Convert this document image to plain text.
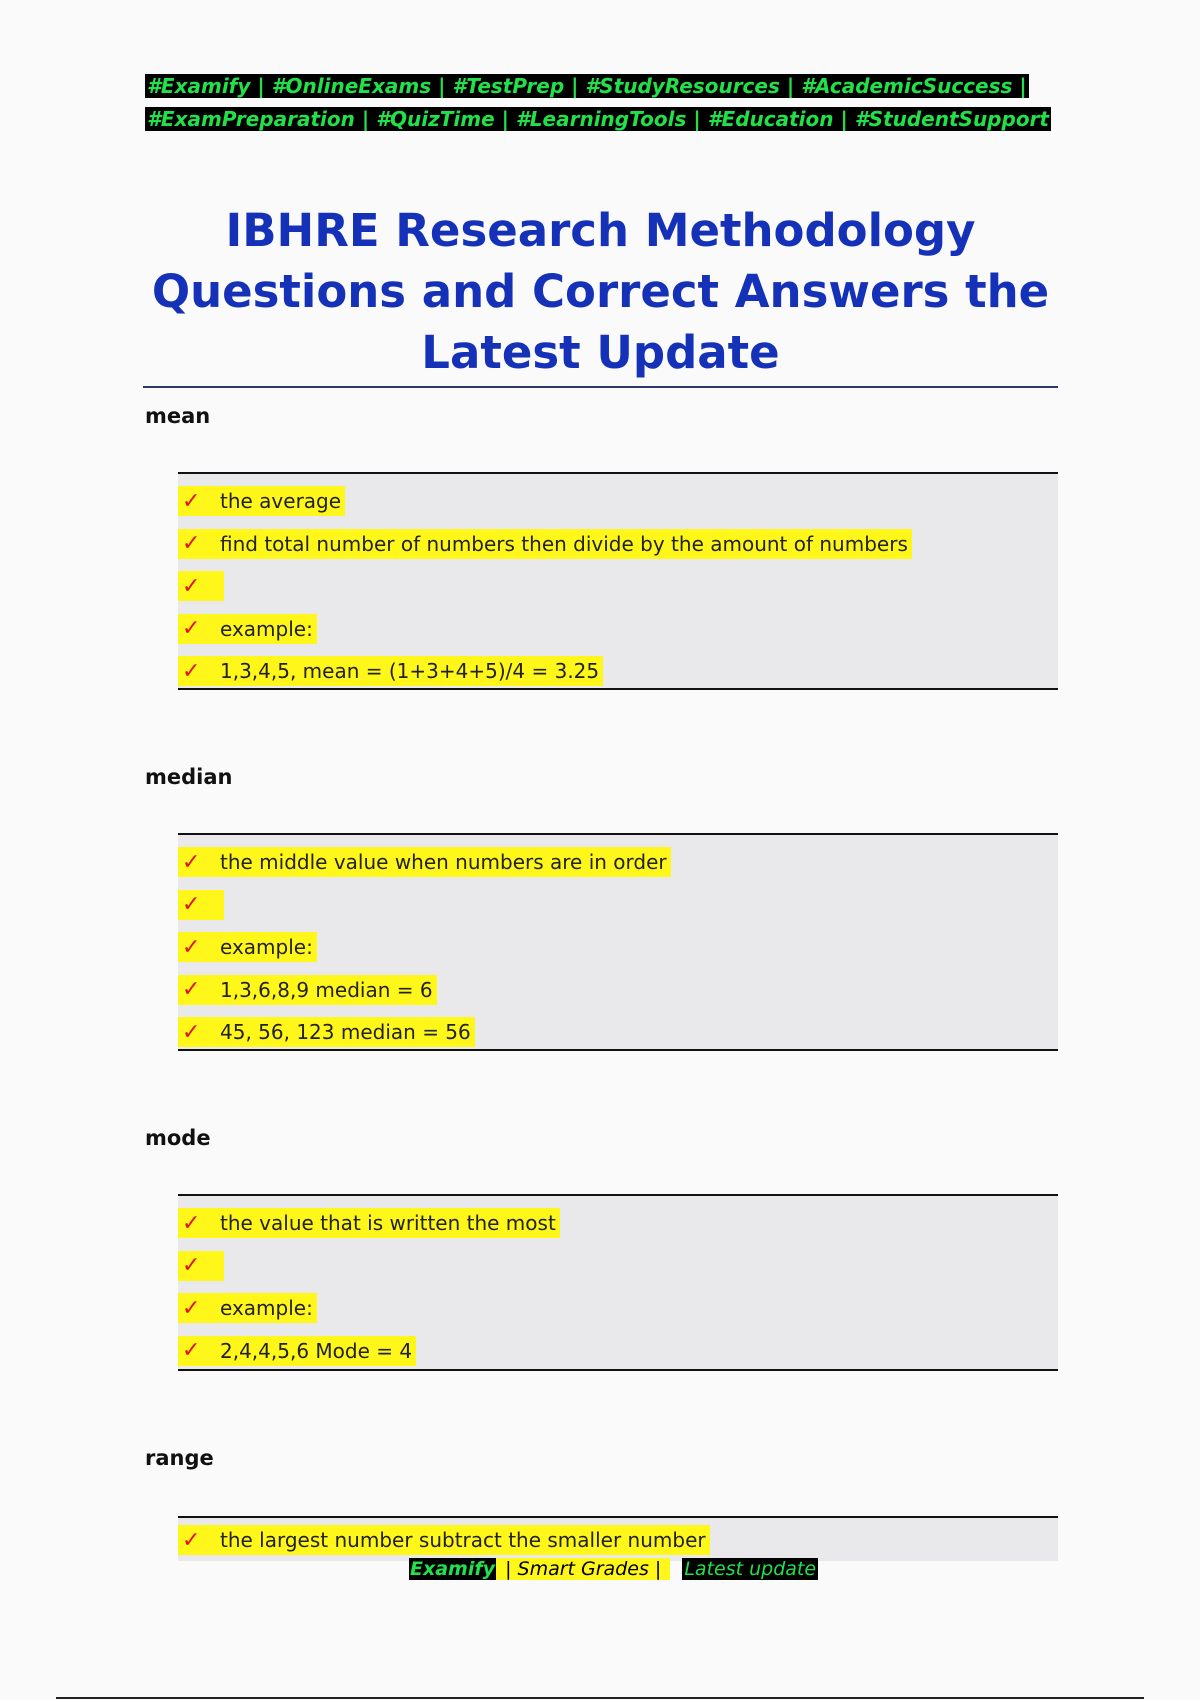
#Examify | #OnlineExams | #TestPrep | #StudyResources | #AcademicSuccess |
#ExamPreparation | #QuizTime | #LearningTools | #Education | #StudentSupport
IBHRE Research Methodology Questions and Correct Answers the Latest Update
mean
✓ the average
✓ find total number of numbers then divide by the amount of numbers
✓
✓ example:
✓ 1,3,4,5, mean = (1+3+4+5)/4 = 3.25
median
✓ the middle value when numbers are in order
✓
✓ example:
✓ 1,3,6,8,9 median = 6
✓ 45, 56, 123 median = 56
mode
✓ the value that is written the most
✓
✓ example:
✓ 2,4,4,5,6 Mode = 4
range
✓ the largest number subtract the smaller number
Examify | Smart Grades | Latest update
